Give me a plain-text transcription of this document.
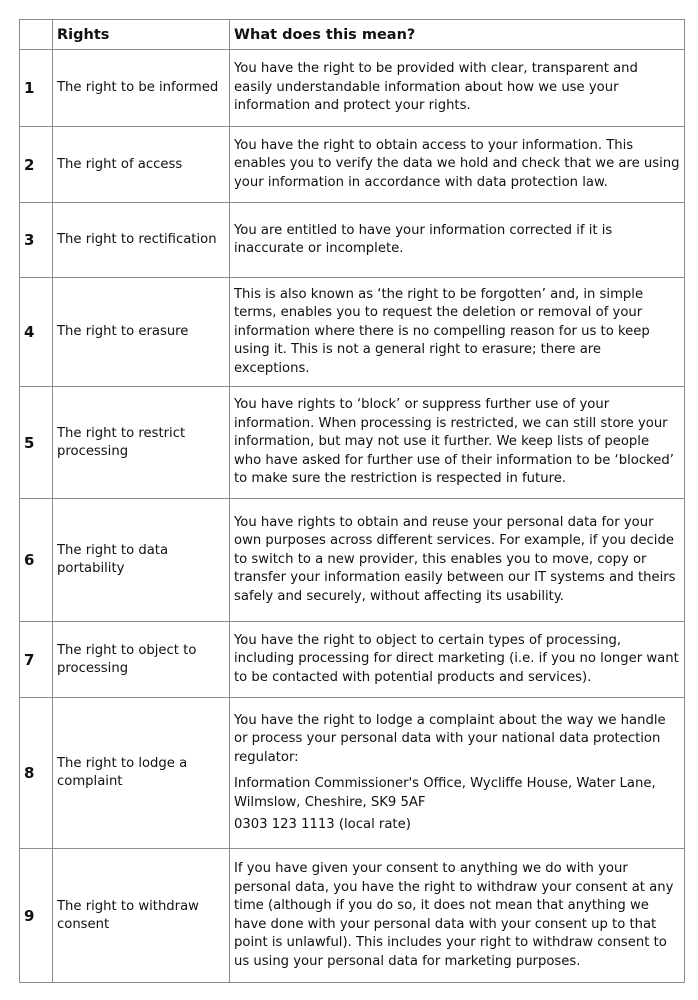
	Rights	What does this mean?
1	The right to be informed	You have the right to be provided with clear, transparent and easily understandable information about how we use your information and protect your rights.

2	The right of access	You have the right to obtain access to your information. This enables you to verify the data we hold and check that we are using your information in accordance with data protection law.

3	The right to rectification	You are entitled to have your information corrected if it is inaccurate or incomplete.

4	The right to erasure	This is also known as ‘the right to be forgotten’ and, in simple terms, enables you to request the deletion or removal of your information where there is no compelling reason for us to keep using it. This is not a general right to erasure; there are exceptions.

5	The right to restrict processing	You have rights to ‘block’ or suppress further use of your information. When processing is restricted, we can still store your information, but may not use it further. We keep lists of people who have asked for further use of their information to be ‘blocked’ to make sure the restriction is respected in future.

6	The right to data portability	You have rights to obtain and reuse your personal data for your own purposes across different services. For example, if you decide to switch to a new provider, this enables you to move, copy or transfer your information easily between our IT systems and theirs safely and securely, without affecting its usability.

7	The right to object to processing	You have the right to object to certain types of processing, including processing for direct marketing (i.e. if you no longer want to be contacted with potential products and services).

8	The right to lodge a complaint	You have the right to lodge a complaint about the way we handle or process your personal data with your national data protection regulator:

Information Commissioner's Office, Wycliffe House, Water Lane, Wilmslow, Cheshire, SK9 5AF

0303 123 1113 (local rate)

9	The right to withdraw consent	If you have given your consent to anything we do with your personal data, you have the right to withdraw your consent at any time (although if you do so, it does not mean that anything we have done with your personal data with your consent up to that point is unlawful). This includes your right to withdraw consent to us using your personal data for marketing purposes.
